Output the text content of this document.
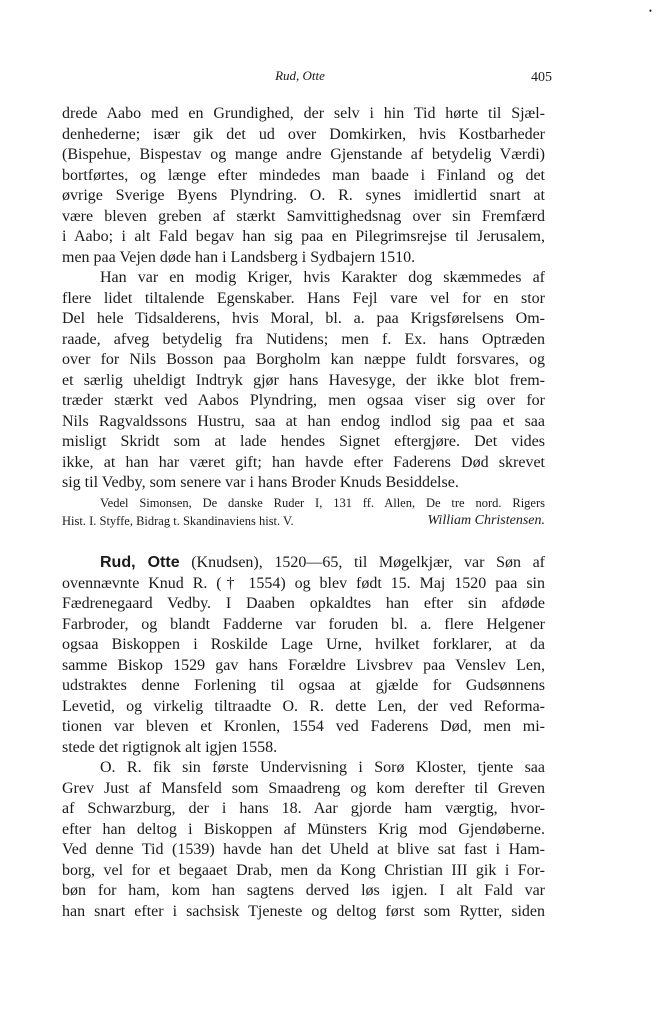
•
Rud, Otte	405
drede Aabo med en Grundighed, der selv i hin Tid hørte til Sjæl-
denhederne; især gik det ud over Domkirken, hvis Kostbarheder
(Bispehue, Bispestav og mange andre Gjenstande af betydelig Værdi)
bortførtes, og længe efter mindedes man baade i Finland og det
øvrige Sverige Byens Plyndring. O. R. synes imidlertid snart at
være bleven greben af stærkt Samvittighedsnag over sin Fremfærd
i Aabo; i alt Fald begav han sig paa en Pilegrimsrejse til Jerusalem,
men paa Vejen døde han i Landsberg i Sydbajern 1510.
Han var en modig Kriger, hvis Karakter dog skæmmedes af
flere lidet tiltalende Egenskaber. Hans Fejl vare vel for en stor
Del hele Tidsalderens, hvis Moral, bl. a. paa Krigsførelsens Om-
raade, afveg betydelig fra Nutidens; men f. Ex. hans Optræden
over for Nils Bosson paa Borgholm kan næppe fuldt forsvares, og
et særlig uheldigt Indtryk gjør hans Havesyge, der ikke blot frem-
træder stærkt ved Aabos Plyndring, men ogsaa viser sig over for
Nils Ragvaldssons Hustru, saa at han endog indlod sig paa et saa
misligt Skridt som at lade hendes Signet eftergjøre. Det vides
ikke, at han har været gift; han havde efter Faderens Død skrevet
sig til Vedby, som senere var i hans Broder Knuds Besiddelse.
Vedel Simonsen, De danske Ruder I, 131 ff. Allen, De tre nord. Rigers
Hist. I. Styffe, Bidrag t. Skandinaviens hist. V.	William Christensen.
Rud, Otte (Knudsen), 1520—65, til Møgelkjær, var Søn af
ovennævnte Knud R. († 1554) og blev født 15. Maj 1520 paa sin
Fædrenegaard Vedby. I Daaben opkaldtes han efter sin afdøde
Farbroder, og blandt Fadderne var foruden bl. a. flere Helgener
ogsaa Biskoppen i Roskilde Lage Urne, hvilket forklarer, at da
samme Biskop 1529 gav hans Forældre Livsbrev paa Venslev Len,
udstraktes denne Forlening til ogsaa at gjælde for Gudsønnens
Levetid, og virkelig tiltraadte O. R. dette Len, der ved Reforma-
tionen var bleven et Kronlen, 1554 ved Faderens Død, men mi-
stede det rigtignok alt igjen 1558.
O. R. fik sin første Undervisning i Sorø Kloster, tjente saa
Grev Just af Mansfeld som Smaadreng og kom derefter til Greven
af Schwarzburg, der i hans 18. Aar gjorde ham værgtig, hvor-
efter han deltog i Biskoppen af Münsters Krig mod Gjendøberne.
Ved denne Tid (1539) havde han det Uheld at blive sat fast i Ham-
borg, vel for et begaaet Drab, men da Kong Christian III gik i For-
bøn for ham, kom han sagtens derved løs igjen. I alt Fald var
han snart efter i sachsisk Tjeneste og deltog først som Rytter, siden
